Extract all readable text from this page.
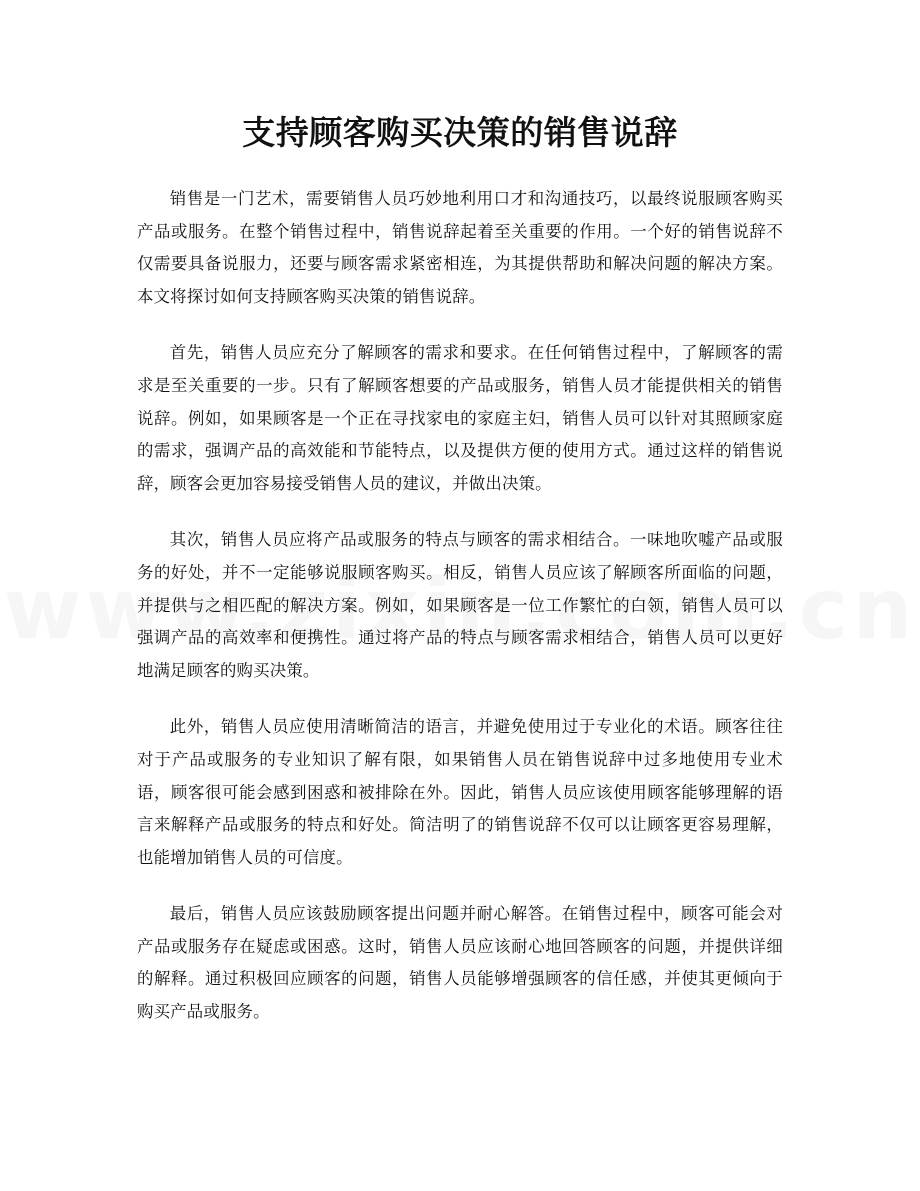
支持顾客购买决策的销售说辞

销售是一门艺术，需要销售人员巧妙地利用口才和沟通技巧，以最终说服顾客购买产品或服务。在整个销售过程中，销售说辞起着至关重要的作用。一个好的销售说辞不仅需要具备说服力，还要与顾客需求紧密相连，为其提供帮助和解决问题的解决方案。本文将探讨如何支持顾客购买决策的销售说辞。

首先，销售人员应充分了解顾客的需求和要求。在任何销售过程中，了解顾客的需求是至关重要的一步。只有了解顾客想要的产品或服务，销售人员才能提供相关的销售说辞。例如，如果顾客是一个正在寻找家电的家庭主妇，销售人员可以针对其照顾家庭的需求，强调产品的高效能和节能特点，以及提供方便的使用方式。通过这样的销售说辞，顾客会更加容易接受销售人员的建议，并做出决策。

其次，销售人员应将产品或服务的特点与顾客的需求相结合。一味地吹嘘产品或服务的好处，并不一定能够说服顾客购买。相反，销售人员应该了解顾客所面临的问题，并提供与之相匹配的解决方案。例如，如果顾客是一位工作繁忙的白领，销售人员可以强调产品的高效率和便携性。通过将产品的特点与顾客需求相结合，销售人员可以更好地满足顾客的购买决策。

此外，销售人员应使用清晰简洁的语言，并避免使用过于专业化的术语。顾客往往对于产品或服务的专业知识了解有限，如果销售人员在销售说辞中过多地使用专业术语，顾客很可能会感到困惑和被排除在外。因此，销售人员应该使用顾客能够理解的语言来解释产品或服务的特点和好处。简洁明了的销售说辞不仅可以让顾客更容易理解，也能增加销售人员的可信度。

最后，销售人员应该鼓励顾客提出问题并耐心解答。在销售过程中，顾客可能会对产品或服务存在疑虑或困惑。这时，销售人员应该耐心地回答顾客的问题，并提供详细的解释。通过积极回应顾客的问题，销售人员能够增强顾客的信任感，并使其更倾向于购买产品或服务。
